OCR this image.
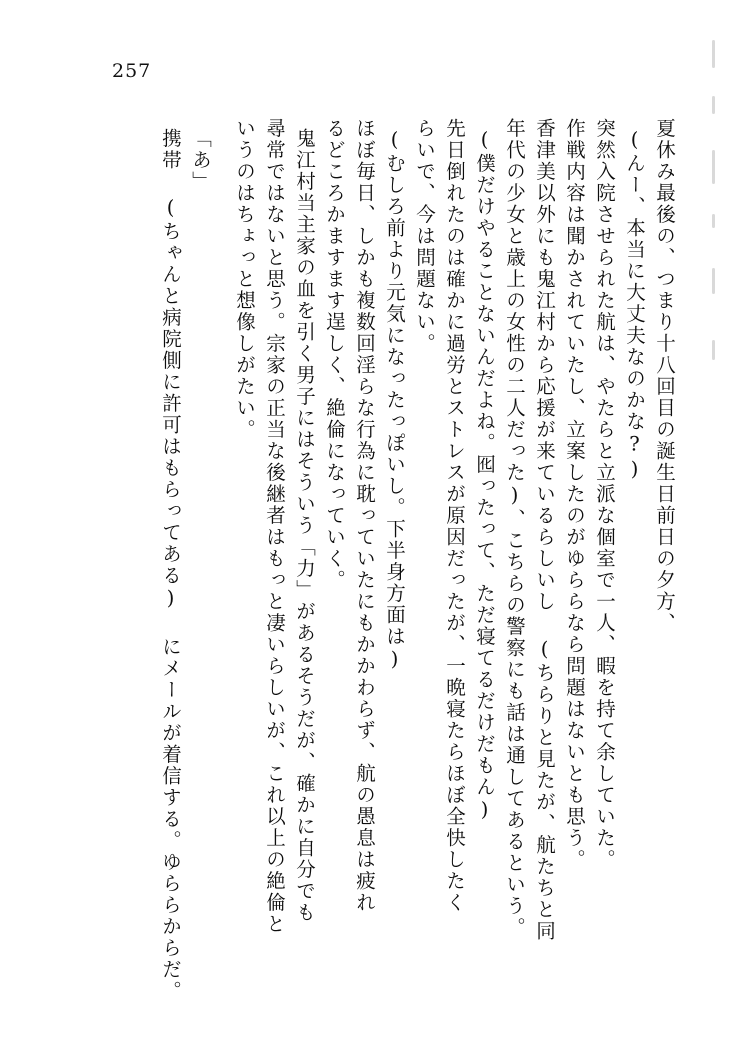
257
夏休み最後の、つまり十八回目の誕生日前日の夕方、
(んー、本当に大丈夫なのかな?)
突然入院させられた航は、やたらと立派な個室で一人、暇を持て余していた。
作戦内容は聞かされていたし、立案したのがゆららなら問題はないとも思う。
香津美以外にも鬼江村から応援が来ているらしいし (ちらりと見たが、航たちと同
年代の少女と歳上の女性の二人だった)、こちらの警察にも話は通してあるという。
(僕だけやることないんだよね。囮ったって、ただ寝てるだけだもん)
先日倒れたのは確かに過労とストレスが原因だったが、一晩寝たらほぼ全快したく
らいで、今は問題ない。
(むしろ前より元気になったっぽいし。下半身方面は)
ほぼ毎日、しかも複数回淫らな行為に耽っていたにもかかわらず、航の愚息は疲れ
るどころかますます逞しく、絶倫になっていく。
鬼江村当主家の血を引く男子にはそういう「力」があるそうだが、確かに自分でも
尋常ではないと思う。宗家の正当な後継者はもっと凄いらしいが、これ以上の絶倫と
いうのはちょっと想像しがたい。
「あ」
携帯 (ちゃんと病院側に許可はもらってある) にメールが着信する。ゆららからだ。
